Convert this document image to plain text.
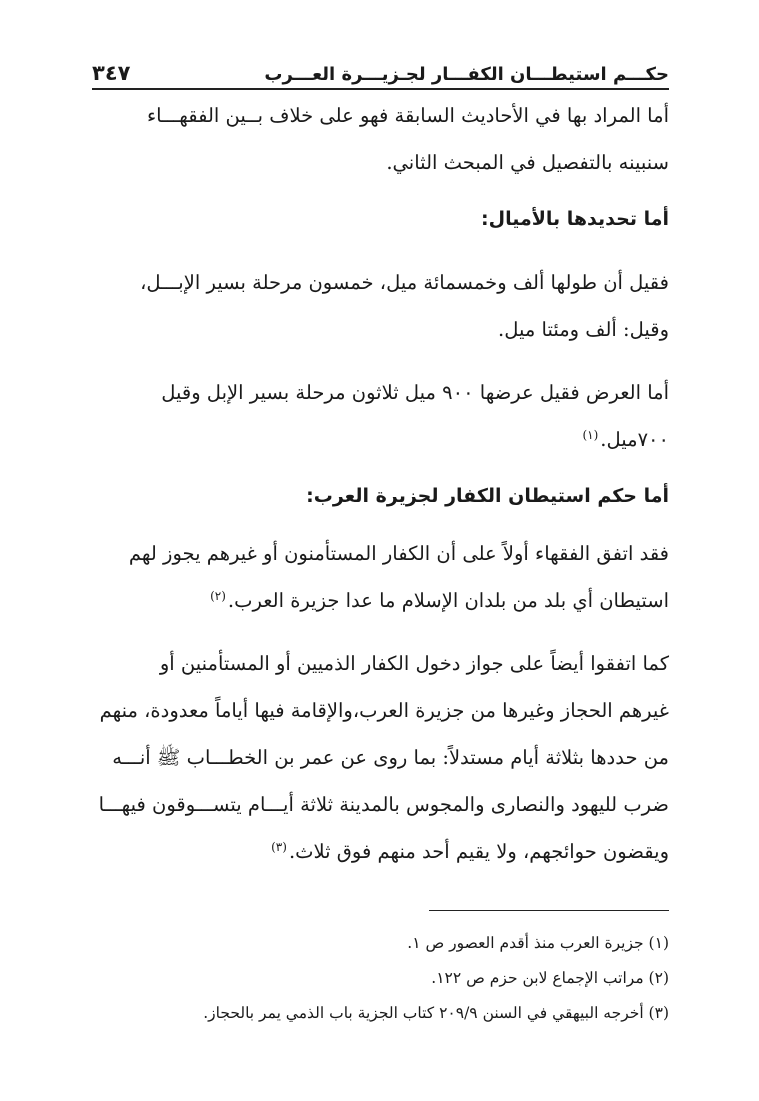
حكـــم استيطـــان الكفـــار لجـزيـــرة العـــرب
٣٤٧
أما المراد بها في الأحاديث السابقة فهو على خلاف بــين الفقهـــاء
سنبينه بالتفصيل في المبحث الثاني.
أما تحديدها بالأميال:
فقيل أن طولها ألف وخمسمائة ميل، خمسون مرحلة بسير الإبـــل،
وقيل: ألف ومئتا ميل.
أما العرض فقيل عرضها ٩٠٠ ميل ثلاثون مرحلة بسير الإبل وقيل
٧٠٠ميل.$^{(١)}$
أما حكم استيطان الكفار لجزيرة العرب:
فقد اتفق الفقهاء أولاً على أن الكفار المستأمنون أو غيرهم يجوز لهم
استيطان أي بلد من بلدان الإسلام ما عدا جزيرة العرب.$^{(٢)}$
كما اتفقوا أيضاً على جواز دخول الكفار الذميين أو المستأمنين أو
غيرهم الحجاز وغيرها من جزيرة العرب،والإقامة فيها أياماً معدودة، منهم
من حددها بثلاثة أيام مستدلاً: بما روى عن عمر بن الخطـــاب ﷺ أنـــه
ضرب لليهود والنصارى والمجوس بالمدينة ثلاثة أيـــام يتســـوقون فيهـــا
ويقضون حوائجهم، ولا يقيم أحد منهم فوق ثلاث.$^{(٣)}$
(١) جزيرة العرب منذ أقدم العصور ص ١.
(٢) مراتب الإجماع لابن حزم ص ١٢٢.
(٣) أخرجه البيهقي في السنن ٢٠٩/٩ كتاب الجزية باب الذمي يمر بالحجاز.
